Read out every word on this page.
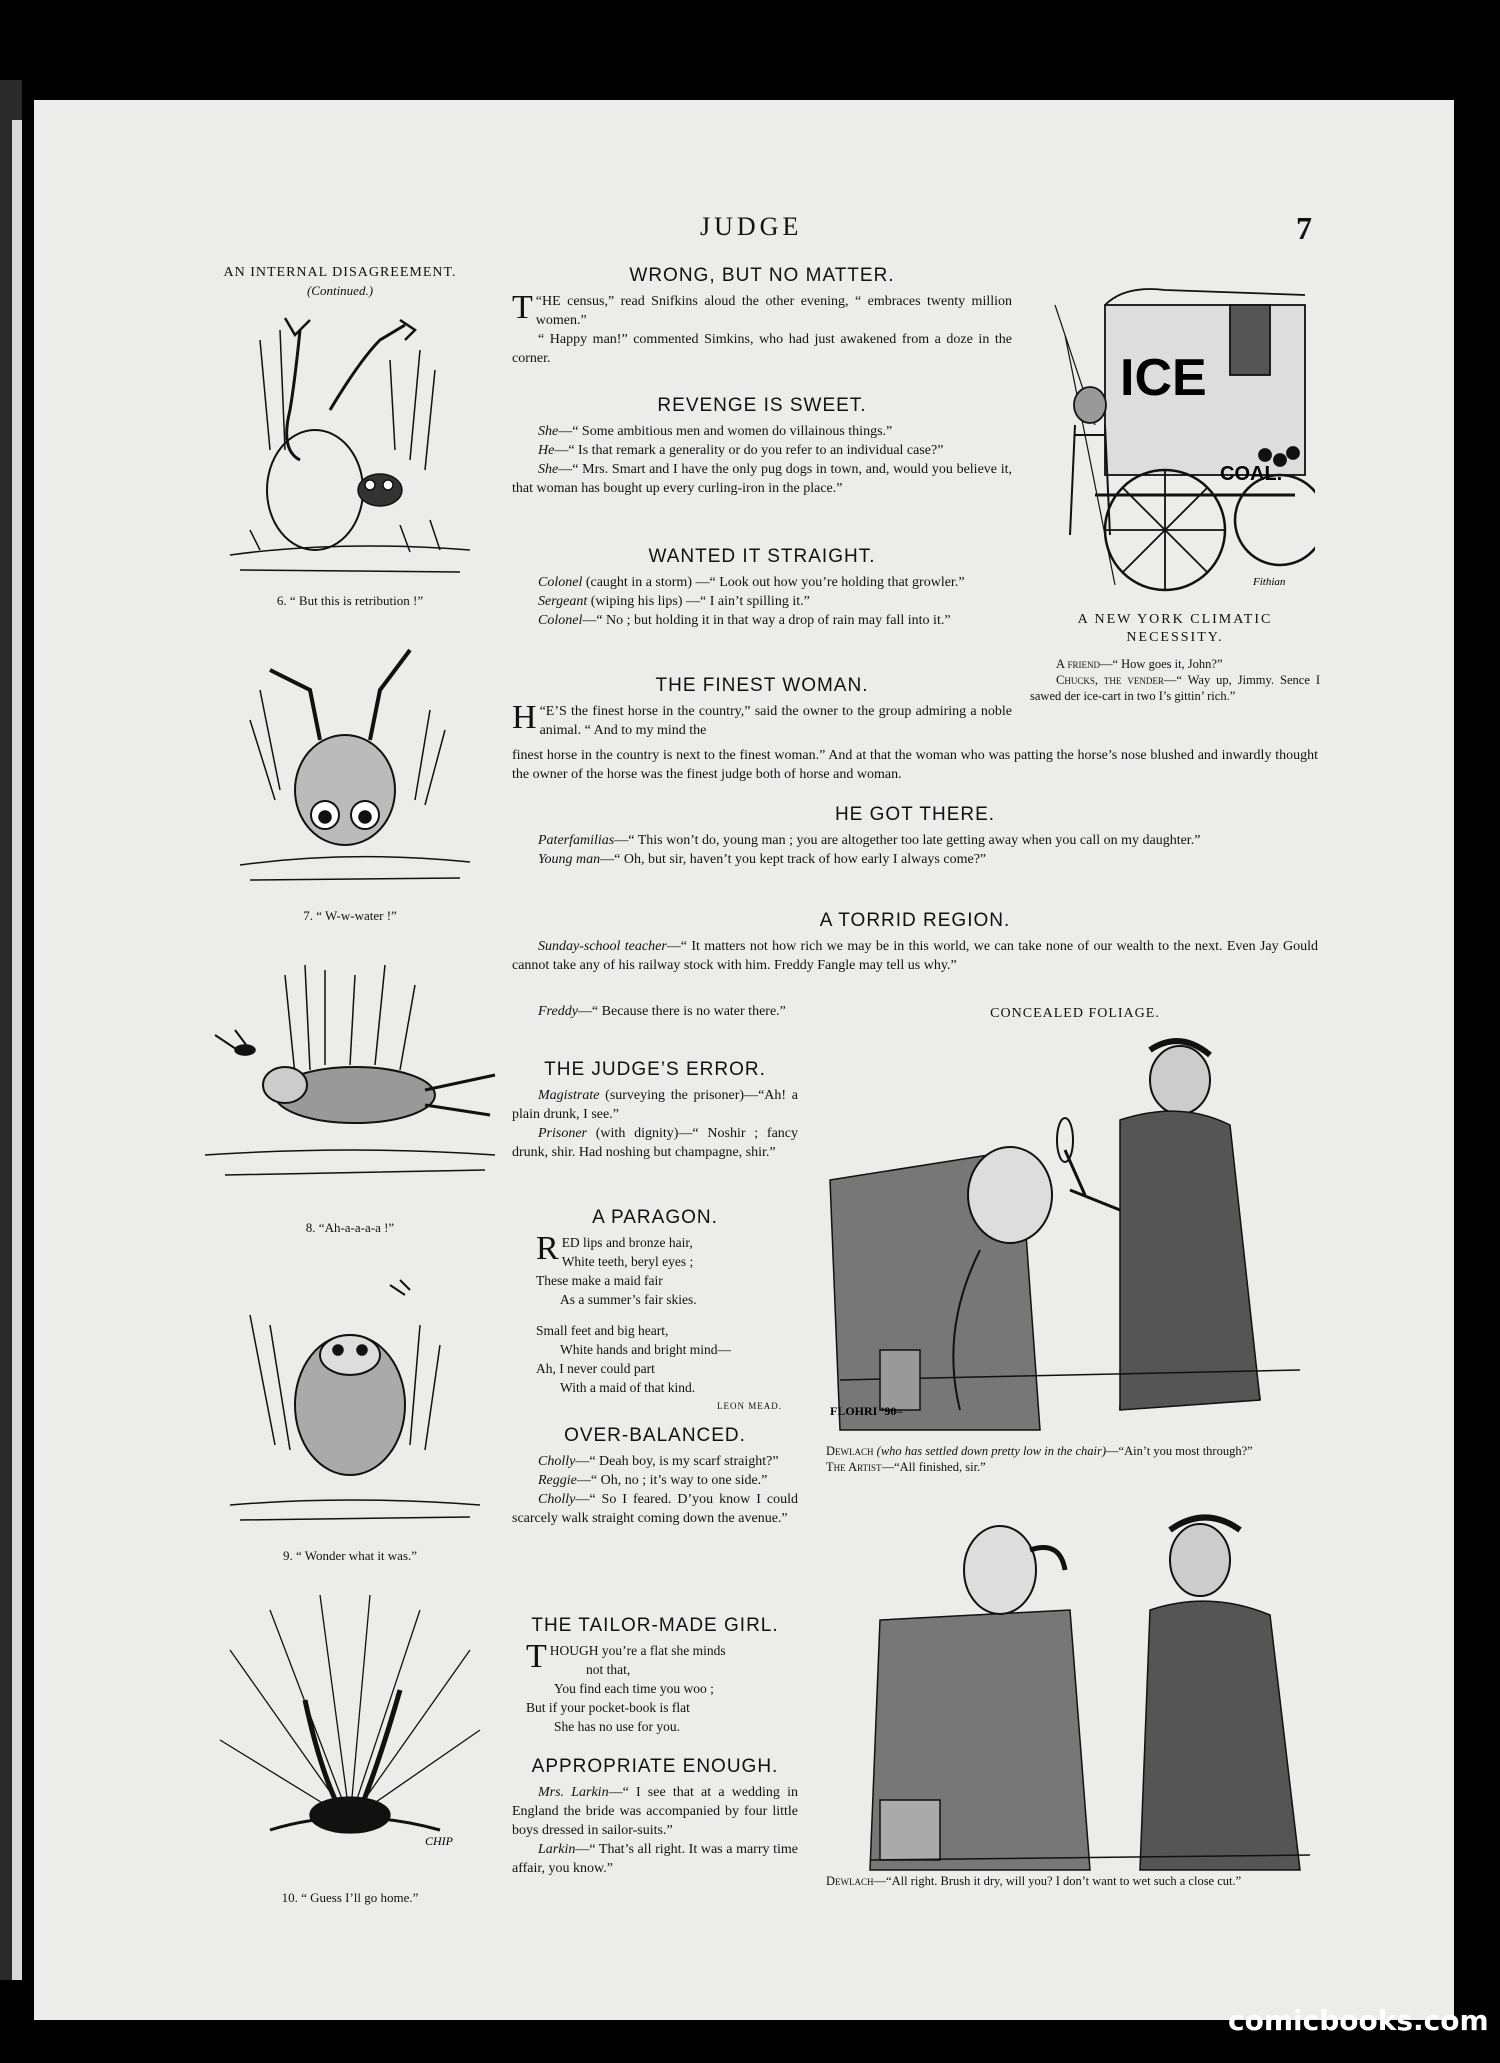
JUDGE	7
AN INTERNAL DISAGREEMENT.
(Continued.)
6. “ But this is retribution !”
7. “ W-w-water !”
8. “Ah-a-a-a-a !”
9. “ Wonder what it was.”
CHIP
10. “ Guess I’ll go home.”
WRONG, BUT NO MATTER.

T “HE census,” read Snifkins aloud the other evening, “ embraces twenty million women.”

“ Happy man!” commented Simkins, who had just awakened from a doze in the corner.

REVENGE IS SWEET.

She—“ Some ambitious men and women do villainous things.”

He—“ Is that remark a generality or do you refer to an individual case?”

She—“ Mrs. Smart and I have the only pug dogs in town, and, would you believe it, that woman has bought up every curling-iron in the place.”

WANTED IT STRAIGHT.

Colonel (caught in a storm) —“ Look out how you’re holding that growler.”

Sergeant (wiping his lips) —“ I ain’t spilling it.”

Colonel—“ No ; but holding it in that way a drop of rain may fall into it.”

THE FINEST WOMAN.

H “E’S the finest horse in the country,” said the owner to the group admiring a noble animal. “ And to my mind the

finest horse in the country is next to the finest woman.” And at that the woman who was patting the horse’s nose blushed and inwardly thought the owner of the horse was the finest judge both of horse and woman.

ICE
COAL.
Fithian
A NEW YORK CLIMATIC NECESSITY.

A friend—“ How goes it, John?”

Chucks, the vender—“ Way up, Jimmy. Sence I sawed der ice-cart in two I’s gittin’ rich.”

HE GOT THERE.

Paterfamilias—“ This won’t do, young man ; you are altogether too late getting away when you call on my daughter.”

Young man—“ Oh, but sir, haven’t you kept track of how early I always come?”

A TORRID REGION.

Sunday-school teacher—“ It matters not how rich we may be in this world, we can take none of our wealth to the next. Even Jay Gould cannot take any of his railway stock with him. Freddy Fangle may tell us why.”

Freddy—“ Because there is no water there.”

THE JUDGE’S ERROR.

Magistrate (surveying the prisoner)—“Ah! a plain drunk, I see.”

Prisoner (with dignity)—“ Noshir ; fancy drunk, shir. Had noshing but champagne, shir.”

A PARAGON.
RED lips and bronze hair,
White teeth, beryl eyes ;
These make a maid fair
As a summer’s fair skies.
Small feet and big heart,
White hands and bright mind—
Ah, I never could part
With a maid of that kind.
LEON MEAD.
OVER-BALANCED.

Cholly—“ Deah boy, is my scarf straight?”

Reggie—“ Oh, no ; it’s way to one side.”

Cholly—“ So I feared. D’you know I could scarcely walk straight coming down the avenue.”

THE TAILOR-MADE GIRL.
THOUGH you’re a flat she minds
not that,
You find each time you woo ;
But if your pocket-book is flat
She has no use for you.
APPROPRIATE ENOUGH.

Mrs. Larkin—“ I see that at a wedding in England the bride was accompanied by four little boys dressed in sailor-suits.”

Larkin—“ That’s all right. It was a marry time affair, you know.”

CONCEALED FOLIAGE.
FLOHRI ’90–

Dewlach (who has settled down pretty low in the chair)—“Ain’t you most through?”

The Artist—“All finished, sir.”

Dewlach—“All right. Brush it dry, will you? I don’t want to wet such a close cut.”

comicbooks.com
